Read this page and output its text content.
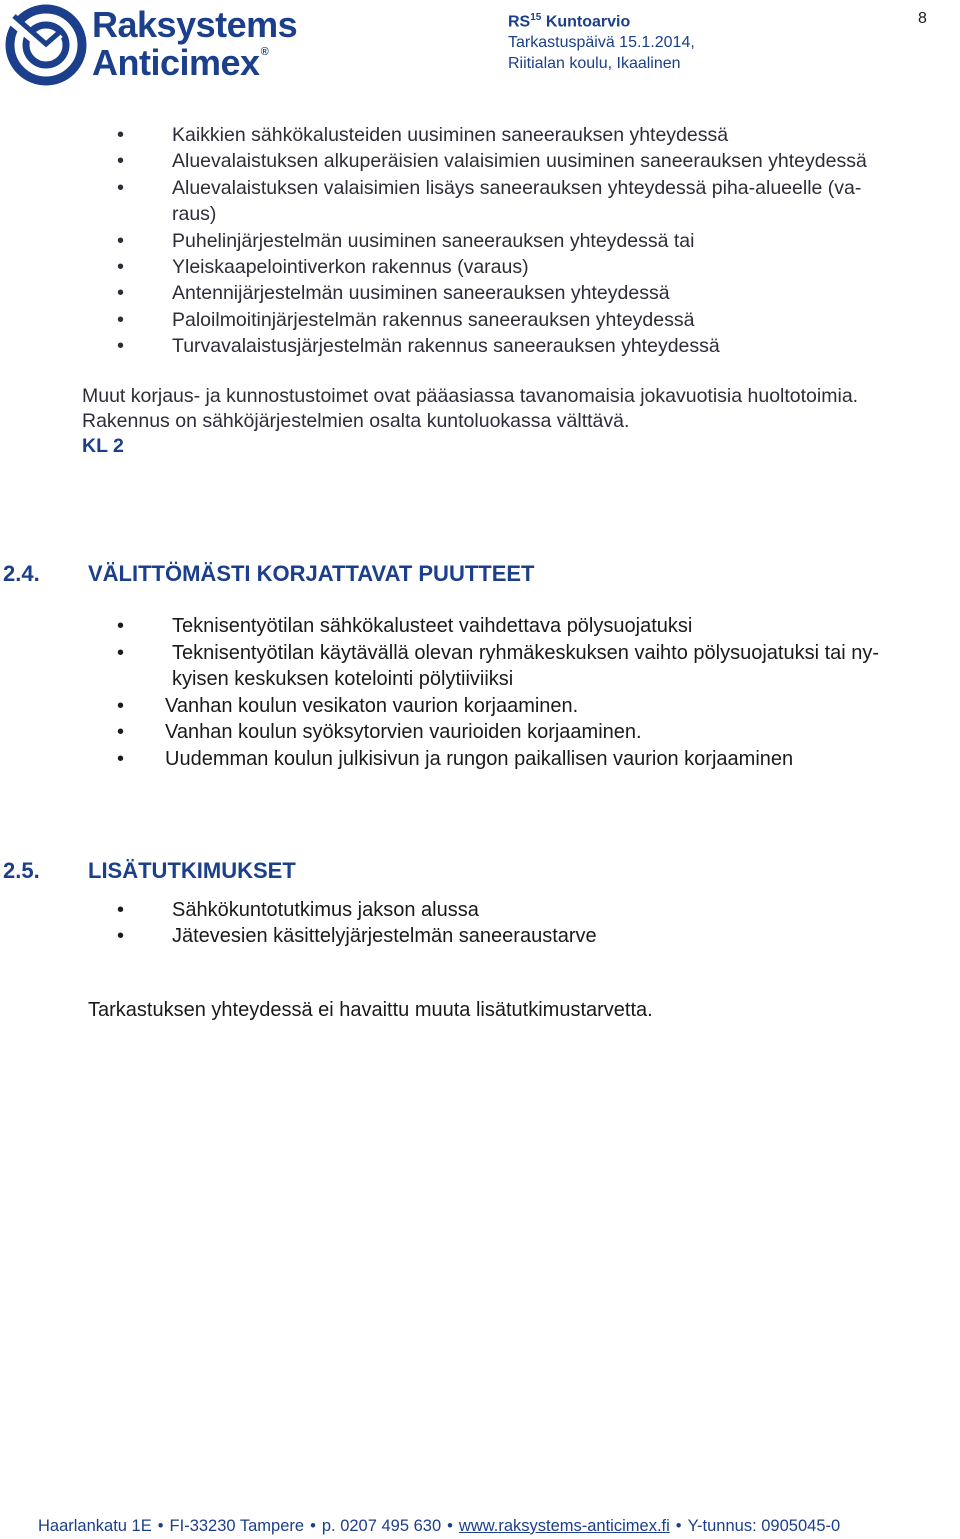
Raksystems
Anticimex®
RS$^{15}$ Kuntoarvio
Tarkastuspäivä 15.1.2014,
Riitialan koulu, Ikaalinen
8
• Kaikkien sähkökalusteiden uusiminen saneerauksen yhteydessä
• Aluevalaistuksen alkuperäisien valaisimien uusiminen saneerauksen yhteydessä
• Aluevalaistuksen valaisimien lisäys saneerauksen yhteydessä piha-alueelle (va-
raus)
• Puhelinjärjestelmän uusiminen saneerauksen yhteydessä tai
• Yleiskaapelointiverkon rakennus (varaus)
• Antennijärjestelmän uusiminen saneerauksen yhteydessä
• Paloilmoitinjärjestelmän rakennus saneerauksen yhteydessä
• Turvavalaistusjärjestelmän rakennus saneerauksen yhteydessä
Muut korjaus- ja kunnostustoimet ovat pääasiassa tavanomaisia jokavuotisia huoltotoimia.
Rakennus on sähköjärjestelmien osalta kuntoluokassa välttävä.
KL 2
2.4. VÄLITTÖMÄSTI KORJATTAVAT PUUTTEET
• Teknisentyötilan sähkökalusteet vaihdettava pölysuojatuksi
• Teknisentyötilan käytävällä olevan ryhmäkeskuksen vaihto pölysuojatuksi tai ny-
kyisen keskuksen kotelointi pölytiiviiksi
• Vanhan koulun vesikaton vaurion korjaaminen.
• Vanhan koulun syöksytorvien vaurioiden korjaaminen.
• Uudemman koulun julkisivun ja rungon paikallisen vaurion korjaaminen
2.5. LISÄTUTKIMUKSET
• Sähkökuntotutkimus jakson alussa
• Jätevesien käsittelyjärjestelmän saneeraustarve
Tarkastuksen yhteydessä ei havaittu muuta lisätutkimustarvetta.
Haarlankatu 1E • FI-33230 Tampere • p. 0207 495 630 • www.raksystems-anticimex.fi • Y-tunnus: 0905045-0
